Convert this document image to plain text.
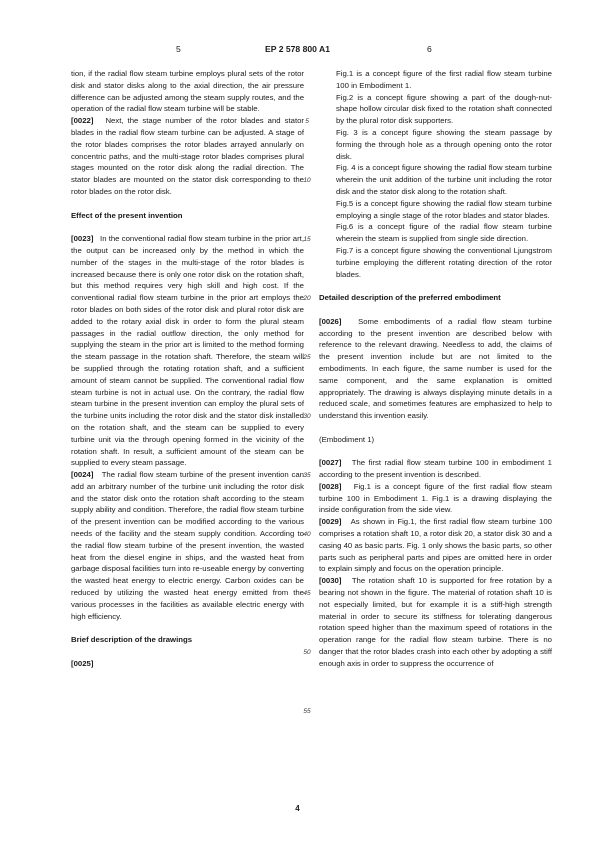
5	EP 2 578 800 A1	6

tion, if the radial flow steam turbine employs plural sets of the rotor disk and stator disks along to the axial direction, the air pressure difference can be adjusted among the steam supply routes, and the operation of the radial flow steam turbine will be stable.

[0022] Next, the stage number of the rotor blades and stator blades in the radial flow steam turbine can be adjusted. A stage of the rotor blades comprises the rotor blades arrayed annularly on concentric paths, and the multi-stage rotor blades comprises plural stages mounted on the rotor disk along the radial direction. The stator blades are mounted on the stator disk corresponding to the rotor blades on the rotor disk.

Effect of the present invention

[0023] In the conventional radial flow steam turbine in the prior art, the output can be increased only by the method in which the number of the stages in the multi-stage of the rotor blades is increased because there is only one rotor disk on the rotation shaft, but this method requires very high skill and high cost. If the conventional radial flow steam turbine in the prior art employs the rotor blades on both sides of the rotor disk and plural rotor disk are added to the rotary axial disk in order to form the plural steam passages in the radial outflow direction, the only method for supplying the steam in the prior art is limited to the method forming the steam passage in the rotation shaft. Therefore, the steam will be supplied through the rotating rotation shaft, and a sufficient amount of steam cannot be supplied. The conventional radial flow steam turbine is not in actual use. On the contrary, the radial flow steam turbine in the present invention can employ the plural sets of the turbine units including the rotor disk and the stator disk installed on the rotation shaft, and the steam can be supplied to every turbine unit via the through opening formed in the vicinity of the rotation shaft. In result, a sufficient amount of the steam can be supplied to every steam passage.

[0024] The radial flow steam turbine of the present invention can add an arbitrary number of the turbine unit including the rotor disk and the stator disk onto the rotation shaft according to the steam supply ability and condition. Therefore, the radial flow steam turbine of the present invention can be modified according to the various needs of the facility and the steam supply condition. According to the radial flow steam turbine of the present invention, the wasted heat from the diesel engine in ships, and the wasted heat from garbage disposal facilities turn into re-useable energy by converting the wasted heat energy to electric energy. Carbon oxides can be reduced by utilizing the wasted heat energy emitted from the various processes in the facilities as available electric energy with high efficiency.

Brief description of the drawings

[0025]

Fig.1 is a concept figure of the first radial flow steam turbine 100 in Embodiment 1.

Fig.2 is a concept figure showing a part of the dough-nut-shape hollow circular disk fixed to the rotation shaft connected by the plural rotor disk supporters.

Fig. 3 is a concept figure showing the steam passage by forming the through hole as a through opening onto the rotor disk.

Fig. 4 is a concept figure showing the radial flow steam turbine wherein the unit addition of the turbine unit including the rotor disk and the stator disk along to the rotation shaft.

Fig.5 is a concept figure showing the radial flow steam turbine employing a single stage of the rotor blades and stator blades.

Fig.6 is a concept figure of the radial flow steam turbine wherein the steam is supplied from single side direction.

Fig.7 is a concept figure showing the conventional Ljungstrom turbine employing the different rotating direction of the rotor blades.

Detailed description of the preferred embodiment

[0026] Some embodiments of a radial flow steam turbine according to the present invention are described below with reference to the relevant drawing. Needless to add, the claims of the present invention include but are not limited to the embodiments. In each figure, the same number is used for the same component, and the same explanation is omitted appropriately. The drawing is always displaying minute details in a reduced scale, and sometimes features are emphasized to help to understand this invention easily.

(Embodiment 1)

[0027] The first radial flow steam turbine 100 in embodiment 1 according to the present invention is described.

[0028] Fig.1 is a concept figure of the first radial flow steam turbine 100 in Embodiment 1. Fig.1 is a drawing displaying the inside configuration from the side view.

[0029] As shown in Fig.1, the first radial flow steam turbine 100 comprises a rotation shaft 10, a rotor disk 20, a stator disk 30 and a casing 40 as basic parts. Fig. 1 only shows the basic parts, so other parts such as peripheral parts and pipes are omitted here in order to explain simply and focus on the operation principle.

[0030] The rotation shaft 10 is supported for free rotation by a bearing not shown in the figure. The material of rotation shaft 10 is not especially limited, but for example it is a stiff-high strength material in order to secure its stiffness for tolerating dangerous rotation speed higher than the maximum speed of rotations in the operation range for the radial flow steam turbine. There is no danger that the rotor blades crash into each other by adopting a stiff enough axis in order to suppress the occurrence of

5
10
15
20
25
30
35
40
45
50
55
4
